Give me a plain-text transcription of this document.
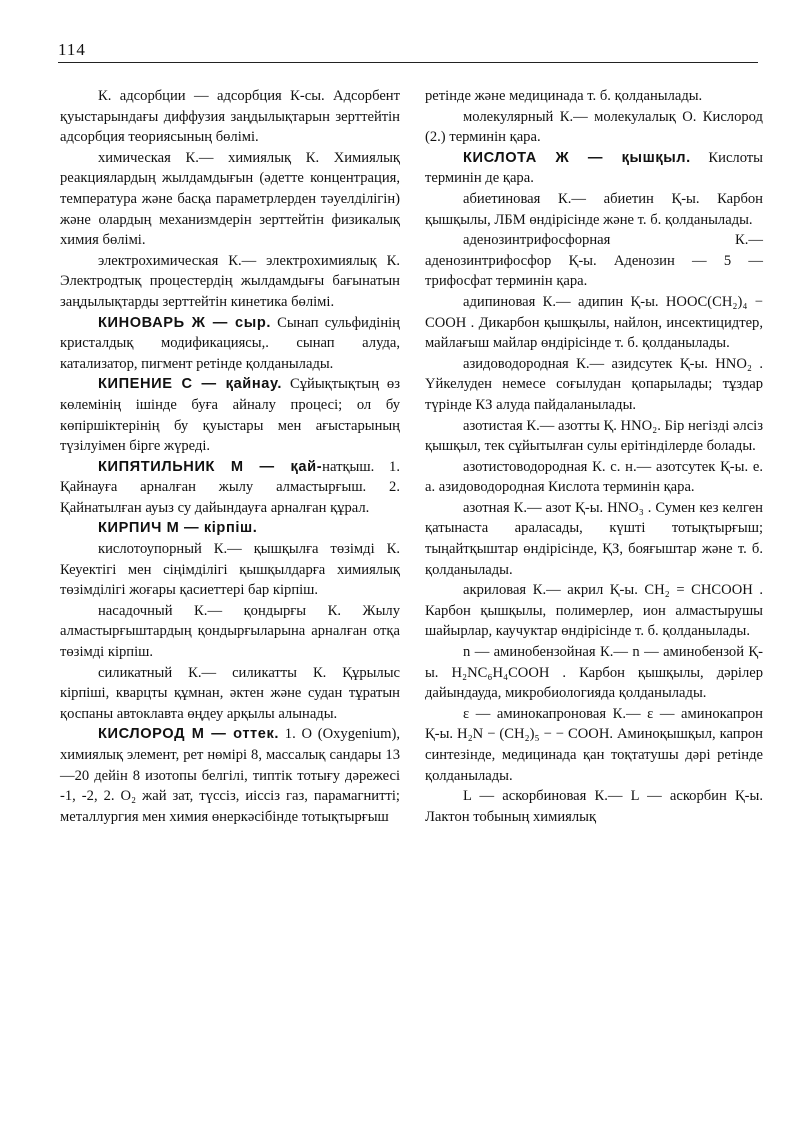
114

К. адсорбции — адсорбция К-сы. Адсорбент қуыстарындағы диффузия заңдылықтарын зерттейтін адсорбция теориясының бөлімі.

химическая К.— химиялық К. Химиялық реакциялардың жылдамдығын (әдетте концентрация, температура және басқа параметрлерден тәуелділігін) және олардың механизмдерін зерттейтін физикалық химия бөлімі.

электрохимическая К.— электрохимиялық К. Электродтық процестердің жылдамдығы бағынатын заңдылықтарды зерттейтін кинетика бөлімі.

КИНОВАРЬ Ж — сыр. Сынап сульфидінің кристалдық модификациясы,. сынап алуда, катализатор, пигмент ретінде қолданылады.

КИПЕНИЕ С — қайнау. Сұйықтықтың өз көлемінің ішінде буға айналу процесі; ол бу көпіршіктерінің бу қуыстары мен ағыстарының түзілуімен бірге жүреді.

КИПЯТИЛЬНИК М — қай-натқыш. 1. Қайнауға арналған жылу алмастырғыш. 2. Қайнатылған ауыз су дайындауға арналған құрал.

КИРПИЧ М — кірпіш.

кислотоупорный К.— қышқылға төзімді К. Кеуектігі мен сіңімділігі қышқылдарға химиялық төзімділігі жоғары қасиеттері бар кірпіш.

насадочный К.— қондырғы К. Жылу алмастырғыштардың қондырғыларына арналған отқа төзімді кірпіш.

силикатный К.— силикатты К. Құрылыс кірпіші, кварцты құмнан, әктен және судан тұратын қоспаны автоклавта өңдеу арқылы алынады.

КИСЛОРОД М — оттек. 1. О (Oxygenium), химиялық элемент, рет нөмірі 8, массалық сандары 13—20 дейін 8 изотопы белгілі, типтік тотығу дәрежесі -1, -2, 2. О₂ жай зат, түссіз, иіссіз газ, парамагнитті; металлургия мен химия өнеркәсібінде тотықтырғыш

ретінде және медицинада т. б. қолданылады.

молекулярный К.— молекулалық О. Кислород (2.) терминін қара.

КИСЛОТА Ж — қышқыл. Кислоты терминін де қара.

абиетиновая К.— абиетин Қ-ы. Карбон қышқылы, ЛБМ өндірісінде және т. б. қолданылады.

аденозинтрифосфорная К.— аденозинтрифосфор Қ-ы. Аденозин — 5 — трифосфат терминін қара.

адипиновая К.— адипин Қ-ы. HOOC(CH₂)₄ − COOH . Дикарбон қышқылы, найлон, инсектицидтер, майлағыш майлар өндірісінде т. б. қолданылады.

азидоводородная К.— азидсутек Қ-ы. HNO₂ . Үйкелуден немесе соғылудан қопарылады; тұздар түрінде КЗ алуда пайдаланылады.

азотистая К.— азотты Қ. HNO₂. Бір негізді әлсіз қышқыл, тек сұйытылған сулы ерітінділерде болады.

азотистоводородная К. с. н.— азотсутек Қ-ы. е. а. азидоводородная Кислота терминін қара.

азотная К.— азот Қ-ы. HNO₃ . Сумен кез келген қатынаста араласады, күшті тотықтырғыш; тыңайтқыштар өндірісінде, ҚЗ, бояғыштар және т. б. қолданылады.

акриловая К.— акрил Қ-ы. CH₂ = CHCOOH . Карбон қышқылы, полимерлер, ион алмастырушы шайырлар, каучуктар өндірісінде т. б. қолданылады.

n — аминобензойная К.— n — аминобензой Қ-ы. H₂NC₆H₄COOH . Карбон қышқылы, дәрілер дайындауда, микробиологияда қолданылады.

ε — аминокапроновая К.— ε — аминокапрон Қ-ы. H₂N − (CH₂)₅ − − COOH. Аминоқышқыл, капрон синтезінде, медицинада қан тоқтатушы дәрі ретінде қолданылады.

L — аскорбиновая К.— L — аскорбин Қ-ы. Лактон тобының химиялық
